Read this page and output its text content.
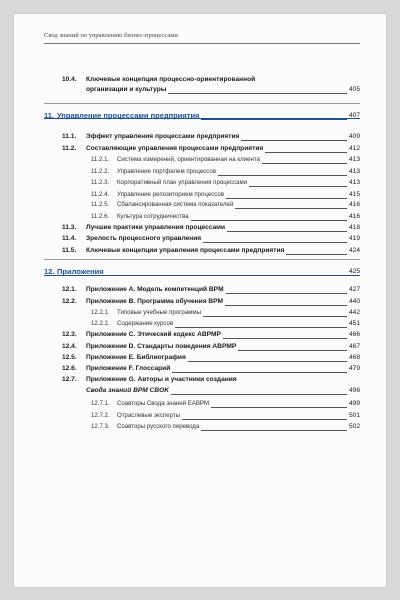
Свод знаний по управлению бизнес-процессами
10.4. Ключевые концепции процессно-ориентированной
организации и культуры	405
11. Управление процессами предприятия	407
11.1. Эффект управления процессами предприятия	409
11.2. Составляющие управления процессами предприятия	412
11.2.1. Система измерений, ориентированная на клиента	413
11.2.2. Управление портфелем процессов	413
11.2.3. Корпоративный план управления процессами	413
11.2.4. Управление репозиторием процессов	415
11.2.5. Сбалансированная система показателей	416
11.2.6. Культура сотрудничества	416
11.3. Лучшие практики управления процессами	418
11.4. Зрелость процессного управления	419
11.5. Ключевые концепции управления процессами предприятия	424
12. Приложения	425
12.1. Приложение А. Модель компетенций BPM	427
12.2. Приложение В. Программа обучения BPM	440
12.2.1. Типовые учебные программы	442
12.2.2. Содержание курсов	451
12.3. Приложение С. Этический кодекс ABPMP	466
12.4. Приложение D. Стандарты поведения ABPMP	467
12.5. Приложение E. Библиография	468
12.6. Приложение F. Глоссарий	479
12.7. Приложение G. Авторы и участники создания
Свода знаний BPM CBOK	496
12.7.1. Соавторы Свода знаний EABPM	499
12.7.2. Отраслевые эксперты	501
12.7.3. Соавторы русского перевода	502
